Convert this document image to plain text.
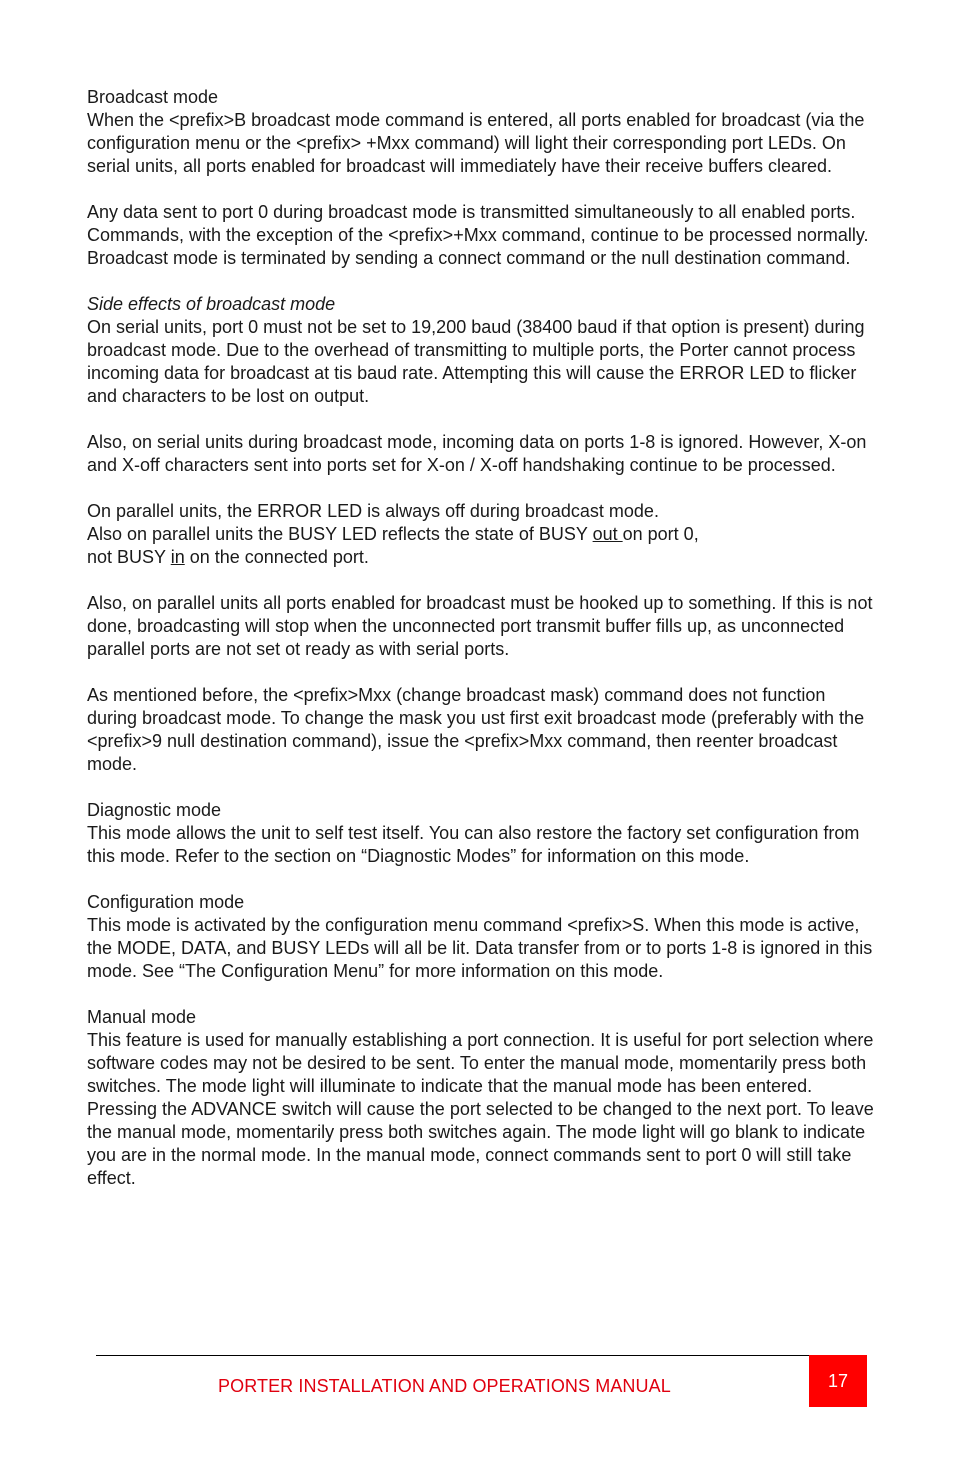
Broadcast mode

When the <prefix>B broadcast mode command is entered, all ports enabled for broadcast (via the configuration menu or the <prefix> +Mxx command) will light their corresponding port LEDs. On serial units, all ports enabled for broadcast will immediately have their receive buffers cleared.

Any data sent to port 0 during broadcast mode is transmitted simultaneously to all enabled ports. Commands, with the exception of the <prefix>+Mxx command, continue to be processed normally. Broadcast mode is terminated by sending a connect command or the null destination command.

Side effects of broadcast mode

On serial units, port 0 must not be set to 19,200 baud (38400 baud if that option is present) during broadcast mode. Due to the overhead of transmitting to multiple ports, the Porter cannot process incoming data for broadcast at tis baud rate. Attempting this will cause the ERROR LED to flicker and characters to be lost on output.

Also, on serial units during broadcast mode, incoming data on ports 1-8 is ignored. However, X-on and X-off characters sent into ports set for X-on / X-off handshaking continue to be processed.

On parallel units, the ERROR LED is always off during broadcast mode.
Also on parallel units the BUSY LED reflects the state of BUSY out on port 0,
not BUSY in on the connected port.

Also, on parallel units all ports enabled for broadcast must be hooked up to something. If this is not done, broadcasting will stop when the unconnected port transmit buffer fills up, as unconnected parallel ports are not set ot ready as with serial ports.

As mentioned before, the <prefix>Mxx (change broadcast mask) command does not function during broadcast mode. To change the mask you ust first exit broadcast mode (preferably with the <prefix>9 null destination command), issue the <prefix>Mxx command, then reenter broadcast mode.

Diagnostic mode

This mode allows the unit to self test itself. You can also restore the factory set configuration from this mode. Refer to the section on “Diagnostic Modes” for information on this mode.

Configuration mode

This mode is activated by the configuration menu command <prefix>S. When this mode is active, the MODE, DATA, and BUSY LEDs will all be lit. Data transfer from or to ports 1-8 is ignored in this mode. See “The Configuration Menu” for more information on this mode.

Manual mode

This feature is used for manually establishing a port connection. It is useful for port selection where software codes may not be desired to be sent. To enter the manual mode, momentarily press both switches. The mode light will illuminate to indicate that the manual mode has been entered. Pressing the ADVANCE switch will cause the port selected to be changed to the next port. To leave the manual mode, momentarily press both switches again. The mode light will go blank to indicate you are in the normal mode. In the manual mode, connect commands sent to port 0 will still take effect.

PORTER INSTALLATION AND OPERATIONS MANUAL	17
